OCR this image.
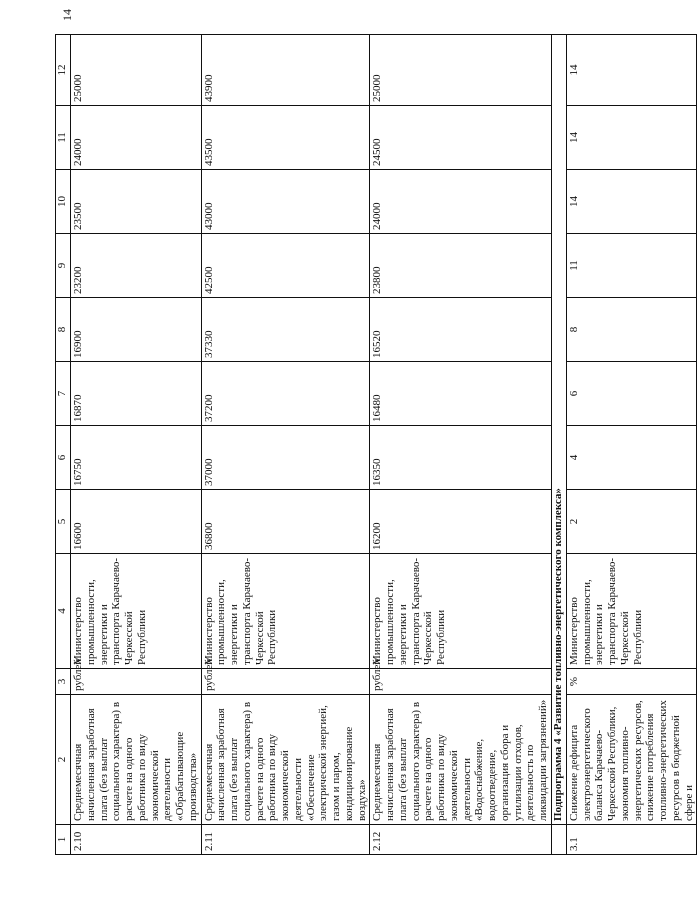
14
1	2	3	4	5	6	7	8	9	10	11	12
2.10	Среднемесячная начисленная заработная плата (без выплат социального характера) в расчете на одного работника по виду экономической деятельности «Обрабатывающие производства»	рублей	Министерство промышленности, энергетики и транспорта Карачаево-Черкесской Республики	16600	16750	16870	16900	23200	23500	24000	25000
2.11	Среднемесячная начисленная заработная плата (без выплат социального характера) в расчете на одного работника по виду экономической деятельности «Обеспечение электрической энергией, газом и паром, кондиционирование воздуха»	рублей	Министерство промышленности, энергетики и транспорта Карачаево-Черкесской Республики	36800	37000	37200	37330	42500	43000	43500	43900
2.12	Среднемесячная начисленная заработная плата (без выплат социального характера) в расчете на одного работника по виду экономической деятельности «Водоснабжение, водоотведение, организация сбора и утилизации отходов, деятельность по ликвидации загрязнений»	рублей	Министерство промышленности, энергетики и транспорта Карачаево-Черкесской Республики	16200	16350	16480	16520	23800	24000	24500	25000
	Подпрограмма 4 «Развитие топливно-энергетического комплекса»										
3.1	Снижение дефицита электроэнергетического баланса Карачаево-Черкесской Республики, экономия топливно-энергетических ресурсов, снижение потребления топливно-энергетических ресурсов в бюджетной сфере и	%	Министерство промышленности, энергетики и транспорта Карачаево-Черкесской Республики	2	4	6	8	11	14	14	14
